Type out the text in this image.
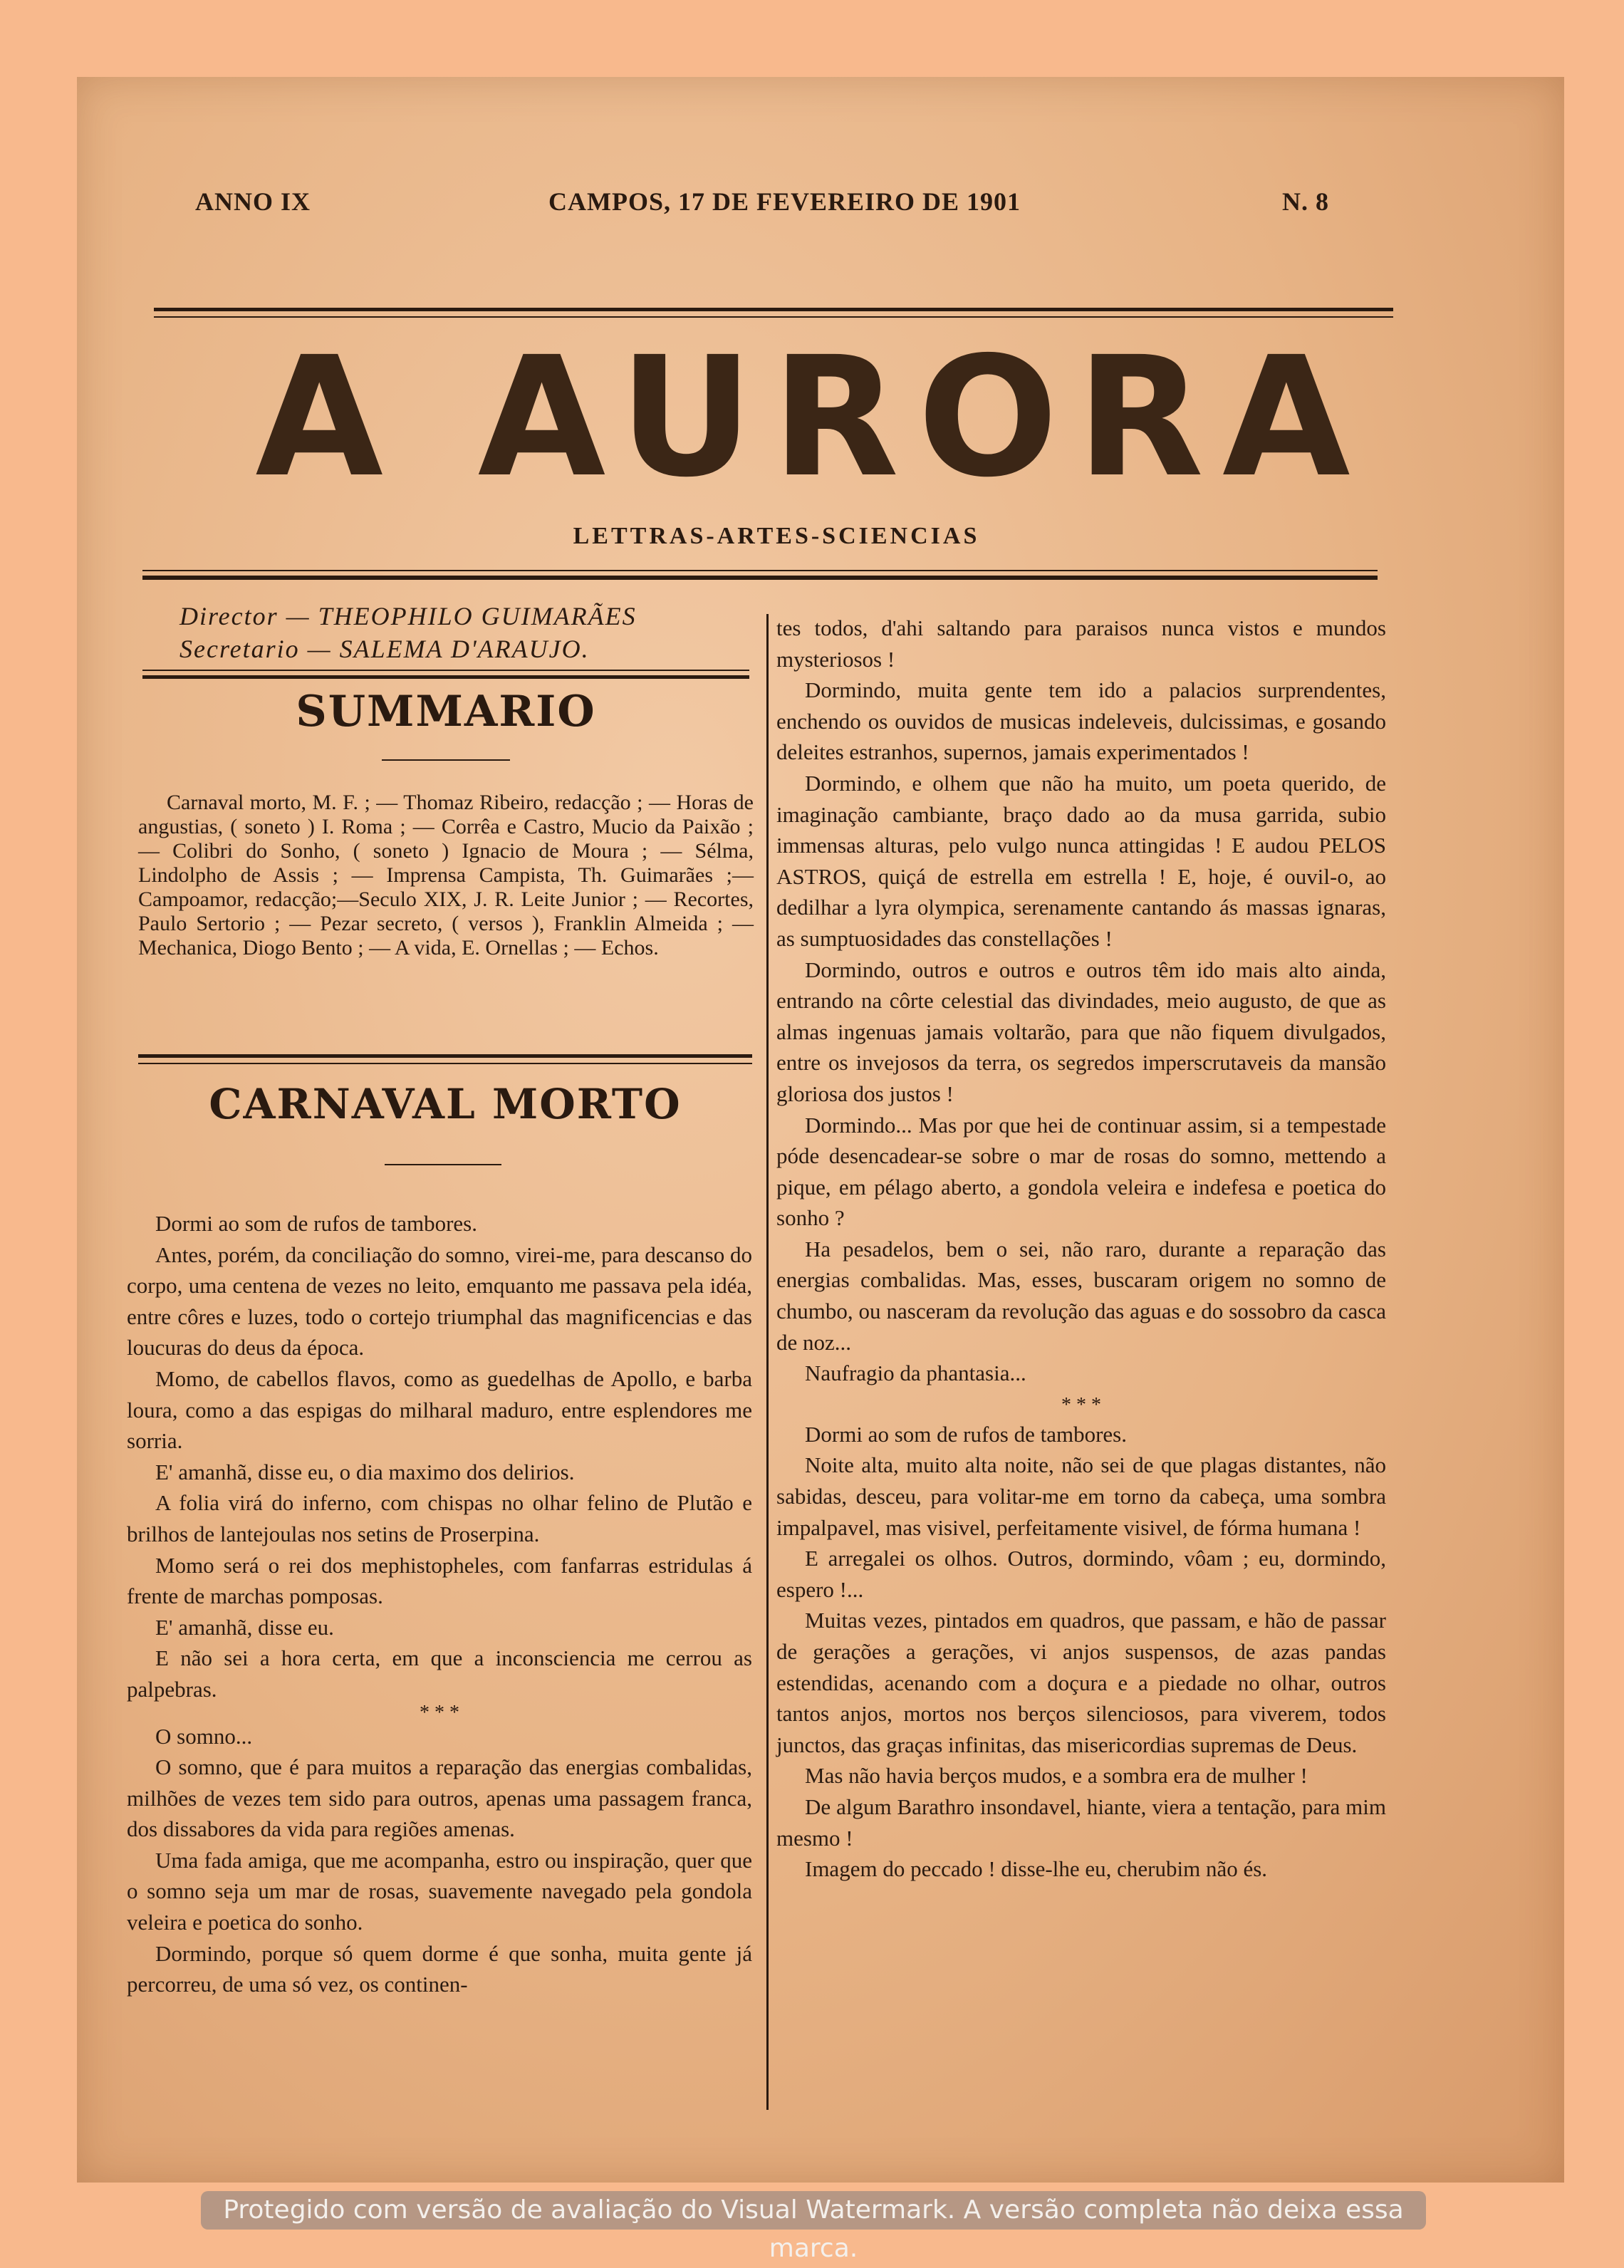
ANNO IX	CAMPOS, 17 DE FEVEREIRO DE 1901	N. 8
A AURORA
LETTRAS-ARTES-SCIENCIAS
Director — THEOPHILO GUIMARÃES
Secretario — SALEMA D'ARAUJO.
SUMMARIO
Carnaval morto, M. F. ; — Thomaz Ribeiro, redacção ; — Horas de angustias, ( soneto ) I. Roma ; — Corrêa e Castro, Mucio da Paixão ; — Colibri do Sonho, ( soneto ) Ignacio de Moura ; — Sélma, Lindolpho de Assis ; — Imprensa Campista, Th. Guimarães ;—Campoamor, redacção;—Seculo XIX, J. R. Leite Junior ; — Recortes, Paulo Sertorio ; — Pezar secreto, ( versos ), Franklin Almeida ; — Mechanica, Diogo Bento ; — A vida, E. Ornellas ; — Echos.
CARNAVAL MORTO

Dormi ao som de rufos de tambores.

Antes, porém, da conciliação do somno, virei-me, para descanso do corpo, uma centena de vezes no leito, emquanto me passava pela idéa, entre côres e luzes, todo o cortejo triumphal das magnificencias e das loucuras do deus da época.

Momo, de cabellos flavos, como as guedelhas de Apollo, e barba loura, como a das espigas do milharal maduro, entre esplendores me sorria.

E' amanhã, disse eu, o dia maximo dos delirios.

A folia virá do inferno, com chispas no olhar felino de Plutão e brilhos de lantejoulas nos setins de Proserpina.

Momo será o rei dos mephistopheles, com fanfarras estridulas á frente de marchas pomposas.

E' amanhã, disse eu.

E não sei a hora certa, em que a inconsciencia me cerrou as palpebras.

* * *

O somno...

O somno, que é para muitos a reparação das energias combalidas, milhões de vezes tem sido para outros, apenas uma passagem franca, dos dissabores da vida para regiões amenas.

Uma fada amiga, que me acompanha, estro ou inspiração, quer que o somno seja um mar de rosas, suavemente navegado pela gondola veleira e poetica do sonho.

Dormindo, porque só quem dorme é que sonha, muita gente já percorreu, de uma só vez, os continen-

tes todos, d'ahi saltando para paraisos nunca vistos e mundos mysteriosos !

Dormindo, muita gente tem ido a palacios surprendentes, enchendo os ouvidos de musicas indeleveis, dulcissimas, e gosando deleites estranhos, supernos, jamais experimentados !

Dormindo, e olhem que não ha muito, um poeta querido, de imaginação cambiante, braço dado ao da musa garrida, subio immensas alturas, pelo vulgo nunca attingidas ! E audou PELOS ASTROS, quiçá de estrella em estrella ! E, hoje, é ouvil-o, ao dedilhar a lyra olympica, serenamente cantando ás massas ignaras, as sumptuosidades das constellações !

Dormindo, outros e outros e outros têm ido mais alto ainda, entrando na côrte celestial das divindades, meio augusto, de que as almas ingenuas jamais voltarão, para que não fiquem divulgados, entre os invejosos da terra, os segredos imperscrutaveis da mansão gloriosa dos justos !

Dormindo... Mas por que hei de continuar assim, si a tempestade póde desencadear-se sobre o mar de rosas do somno, mettendo a pique, em pélago aberto, a gondola veleira e indefesa e poetica do sonho ?

Ha pesadelos, bem o sei, não raro, durante a reparação das energias combalidas. Mas, esses, buscaram origem no somno de chumbo, ou nasceram da revolução das aguas e do sossobro da casca de noz...

Naufragio da phantasia...

* * *

Dormi ao som de rufos de tambores.

Noite alta, muito alta noite, não sei de que plagas distantes, não sabidas, desceu, para volitar-me em torno da cabeça, uma sombra impalpavel, mas visivel, perfeitamente visivel, de fórma humana !

E arregalei os olhos. Outros, dormindo, vôam ; eu, dormindo, espero !...

Muitas vezes, pintados em quadros, que passam, e hão de passar de gerações a gerações, vi anjos suspensos, de azas pandas estendidas, acenando com a doçura e a piedade no olhar, outros tantos anjos, mortos nos berços silenciosos, para viverem, todos junctos, das graças infinitas, das misericordias supremas de Deus.

Mas não havia berços mudos, e a sombra era de mulher !

De algum Barathro insondavel, hiante, viera a tentação, para mim mesmo !

Imagem do peccado ! disse-lhe eu, cherubim não és.

Protegido com versão de avaliação do Visual Watermark. A versão completa não deixa essa marca.
